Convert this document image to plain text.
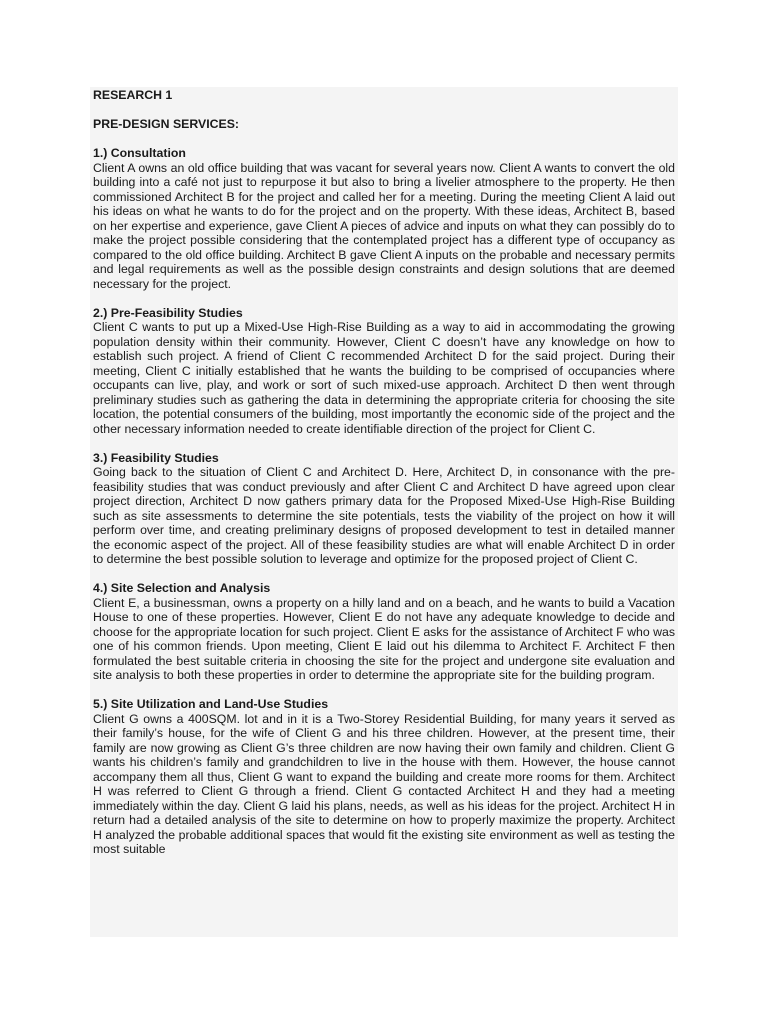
RESEARCH 1

PRE-DESIGN SERVICES:

1.) Consultation

Client A owns an old office building that was vacant for several years now. Client A wants to convert the old building into a café not just to repurpose it but also to bring a livelier atmosphere to the property. He then commissioned Architect B for the project and called her for a meeting. During the meeting Client A laid out his ideas on what he wants to do for the project and on the property. With these ideas, Architect B, based on her expertise and experience, gave Client A pieces of advice and inputs on what they can possibly do to make the project possible considering that the contemplated project has a different type of occupancy as compared to the old office building. Architect B gave Client A inputs on the probable and necessary permits and legal requirements as well as the possible design constraints and design solutions that are deemed necessary for the project.

2.) Pre-Feasibility Studies

Client C wants to put up a Mixed-Use High-Rise Building as a way to aid in accommodating the growing population density within their community. However, Client C doesn’t have any knowledge on how to establish such project. A friend of Client C recommended Architect D for the said project. During their meeting, Client C initially established that he wants the building to be comprised of occupancies where occupants can live, play, and work or sort of such mixed-use approach. Architect D then went through preliminary studies such as gathering the data in determining the appropriate criteria for choosing the site location, the potential consumers of the building, most importantly the economic side of the project and the other necessary information needed to create identifiable direction of the project for Client C.

3.) Feasibility Studies

Going back to the situation of Client C and Architect D. Here, Architect D, in consonance with the pre-feasibility studies that was conduct previously and after Client C and Architect D have agreed upon clear project direction, Architect D now gathers primary data for the Proposed Mixed-Use High-Rise Building such as site assessments to determine the site potentials, tests the viability of the project on how it will perform over time, and creating preliminary designs of proposed development to test in detailed manner the economic aspect of the project. All of these feasibility studies are what will enable Architect D in order to determine the best possible solution to leverage and optimize for the proposed project of Client C.

4.) Site Selection and Analysis

Client E, a businessman, owns a property on a hilly land and on a beach, and he wants to build a Vacation House to one of these properties. However, Client E do not have any adequate knowledge to decide and choose for the appropriate location for such project. Client E asks for the assistance of Architect F who was one of his common friends. Upon meeting, Client E laid out his dilemma to Architect F. Architect F then formulated the best suitable criteria in choosing the site for the project and undergone site evaluation and site analysis to both these properties in order to determine the appropriate site for the building program.

5.) Site Utilization and Land-Use Studies

Client G owns a 400SQM. lot and in it is a Two-Storey Residential Building, for many years it served as their family’s house, for the wife of Client G and his three children. However, at the present time, their family are now growing as Client G’s three children are now having their own family and children. Client G wants his children’s family and grandchildren to live in the house with them. However, the house cannot accompany them all thus, Client G want to expand the building and create more rooms for them. Architect H was referred to Client G through a friend. Client G contacted Architect H and they had a meeting immediately within the day. Client G laid his plans, needs, as well as his ideas for the project. Architect H in return had a detailed analysis of the site to determine on how to properly maximize the property. Architect H analyzed the probable additional spaces that would fit the existing site environment as well as testing the most suitable
